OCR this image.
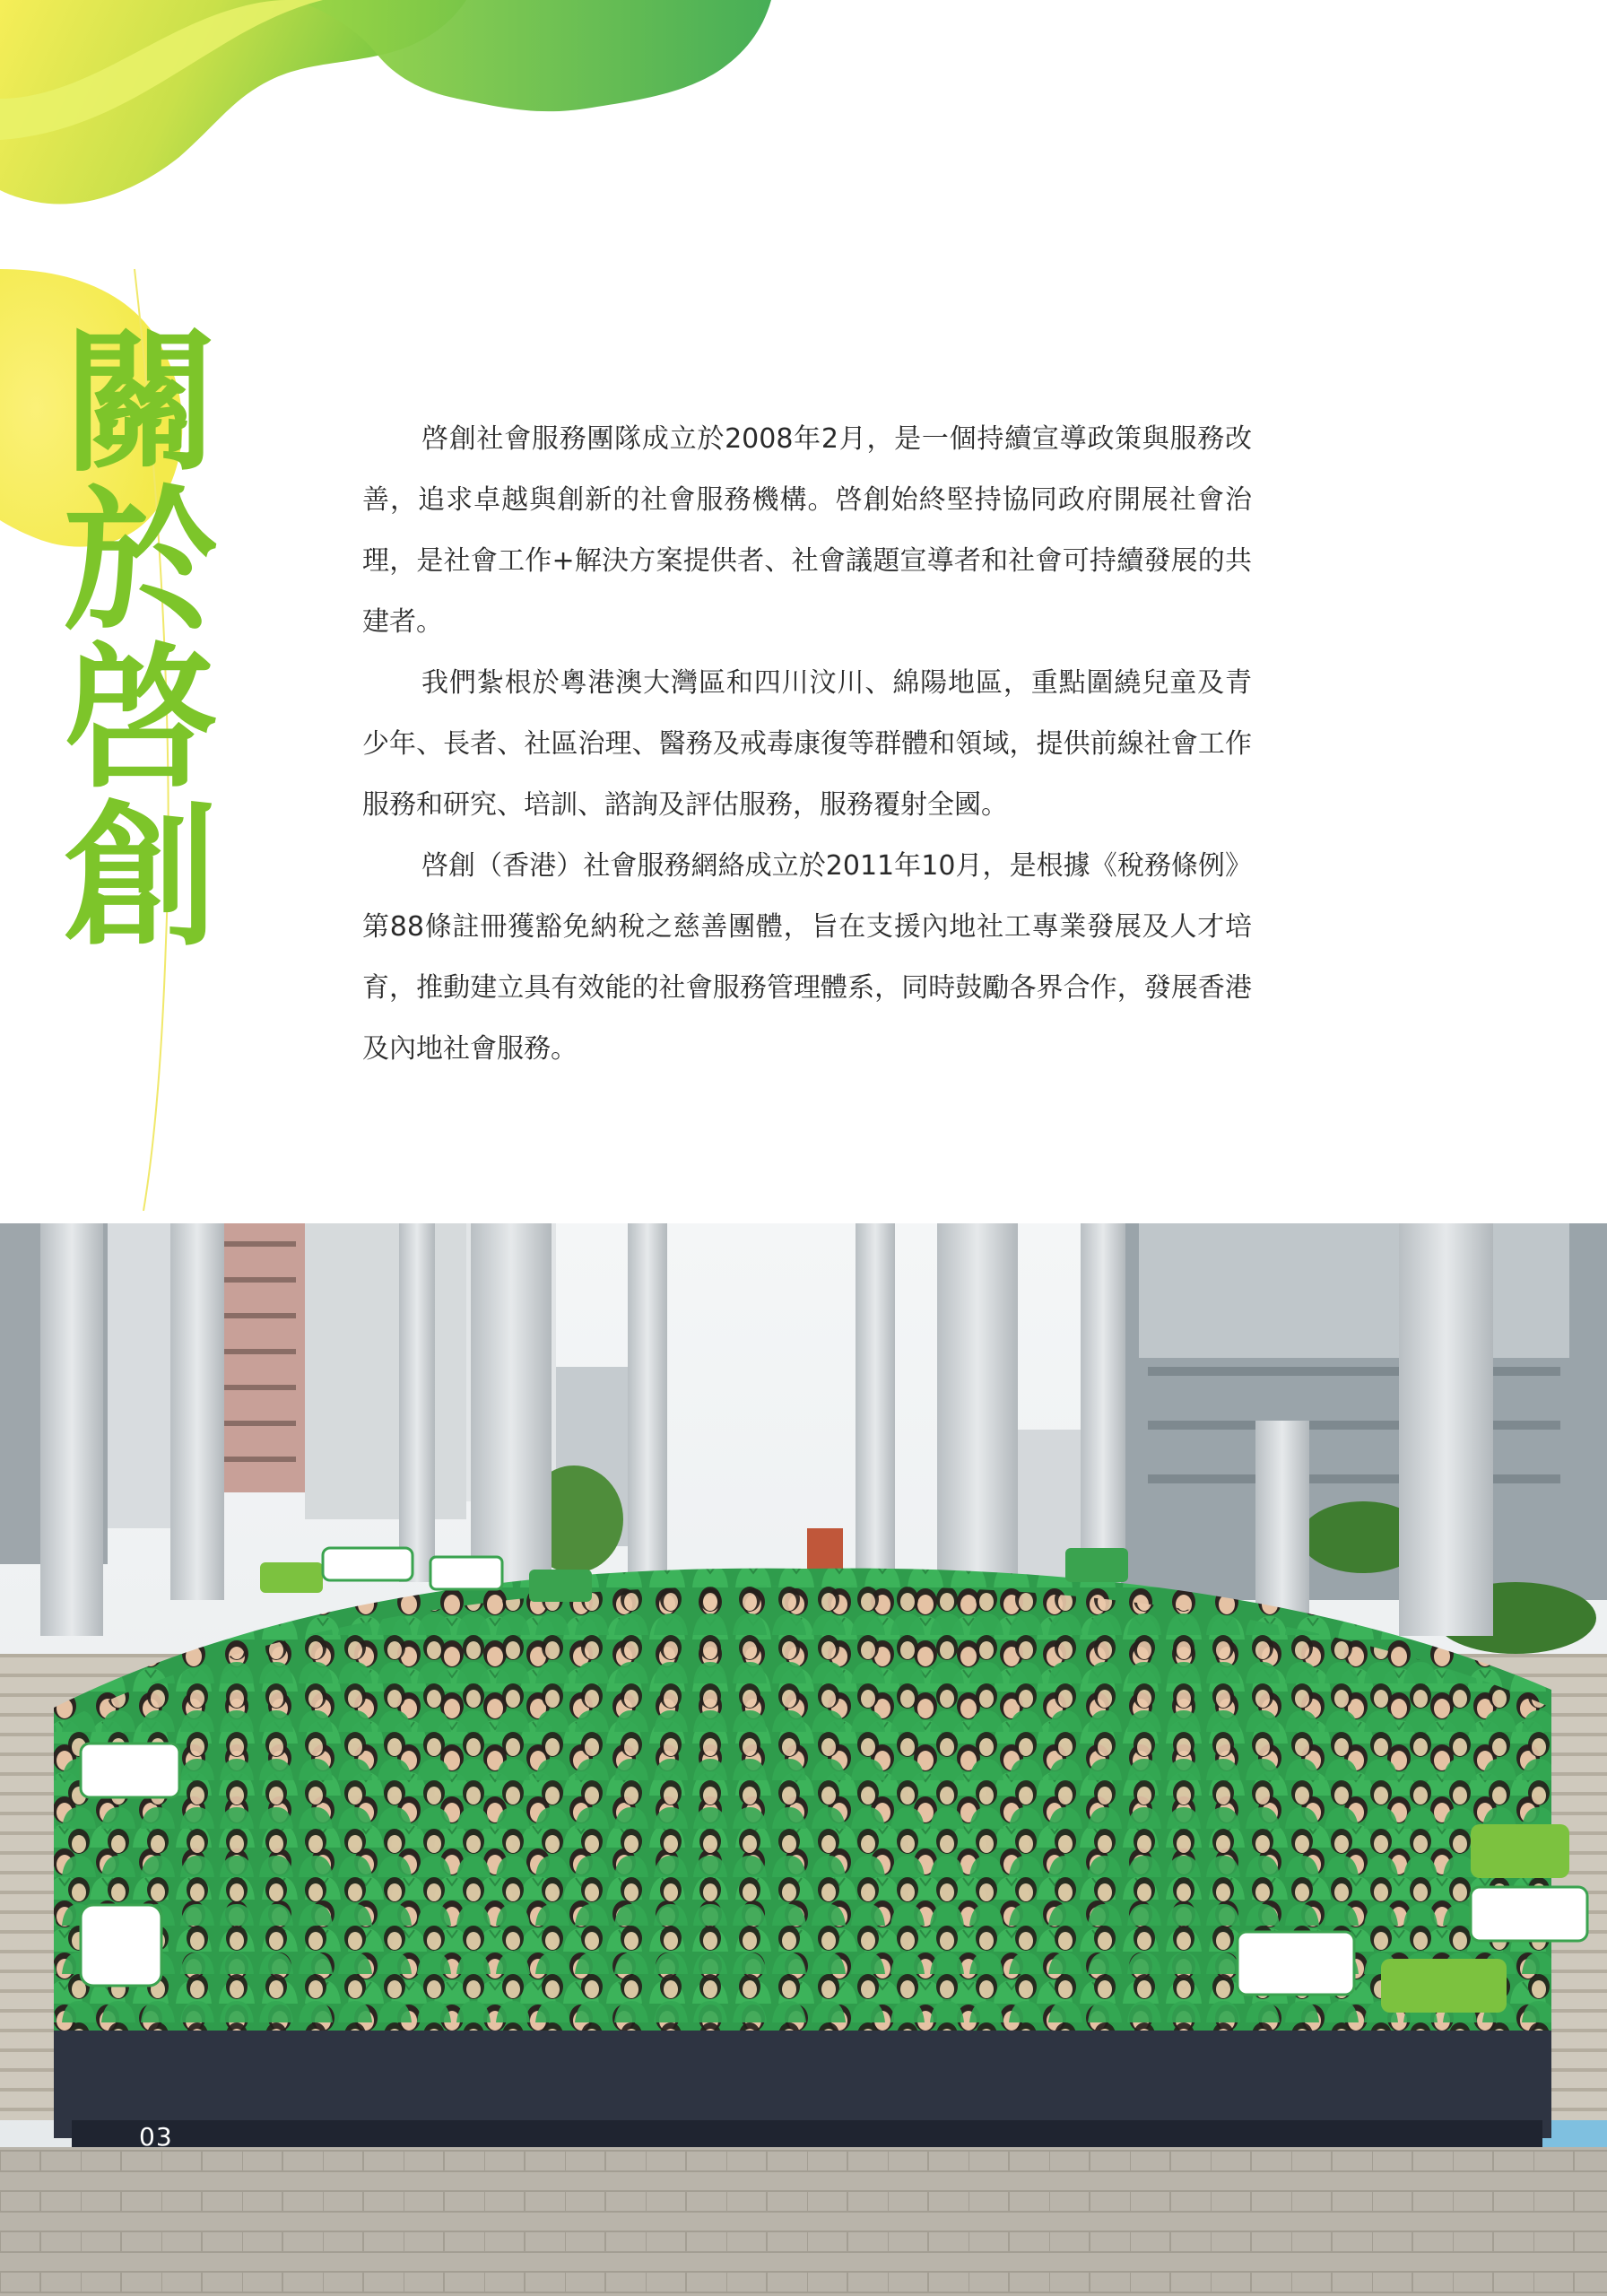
關
於
啓
創

啓創社會服務團隊成立於2008年2月，是一個持續宣導政策與服務改善，追求卓越與創新的社會服務機構。啓創始終堅持協同政府開展社會治理，是社會工作+解決方案提供者、社會議題宣導者和社會可持續發展的共建者。

我們紮根於粵港澳大灣區和四川汶川、綿陽地區，重點圍繞兒童及青少年、長者、社區治理、醫務及戒毒康復等群體和領域，提供前線社會工作服務和研究、培訓、諮詢及評估服務，服務覆射全國。

啓創（香港）社會服務網絡成立於2011年10月，是根據《稅務條例》第88條註冊獲豁免納稅之慈善團體，旨在支援內地社工專業發展及人才培育，推動建立具有效能的社會服務管理體系，同時鼓勵各界合作，發展香港及內地社會服務。

03
